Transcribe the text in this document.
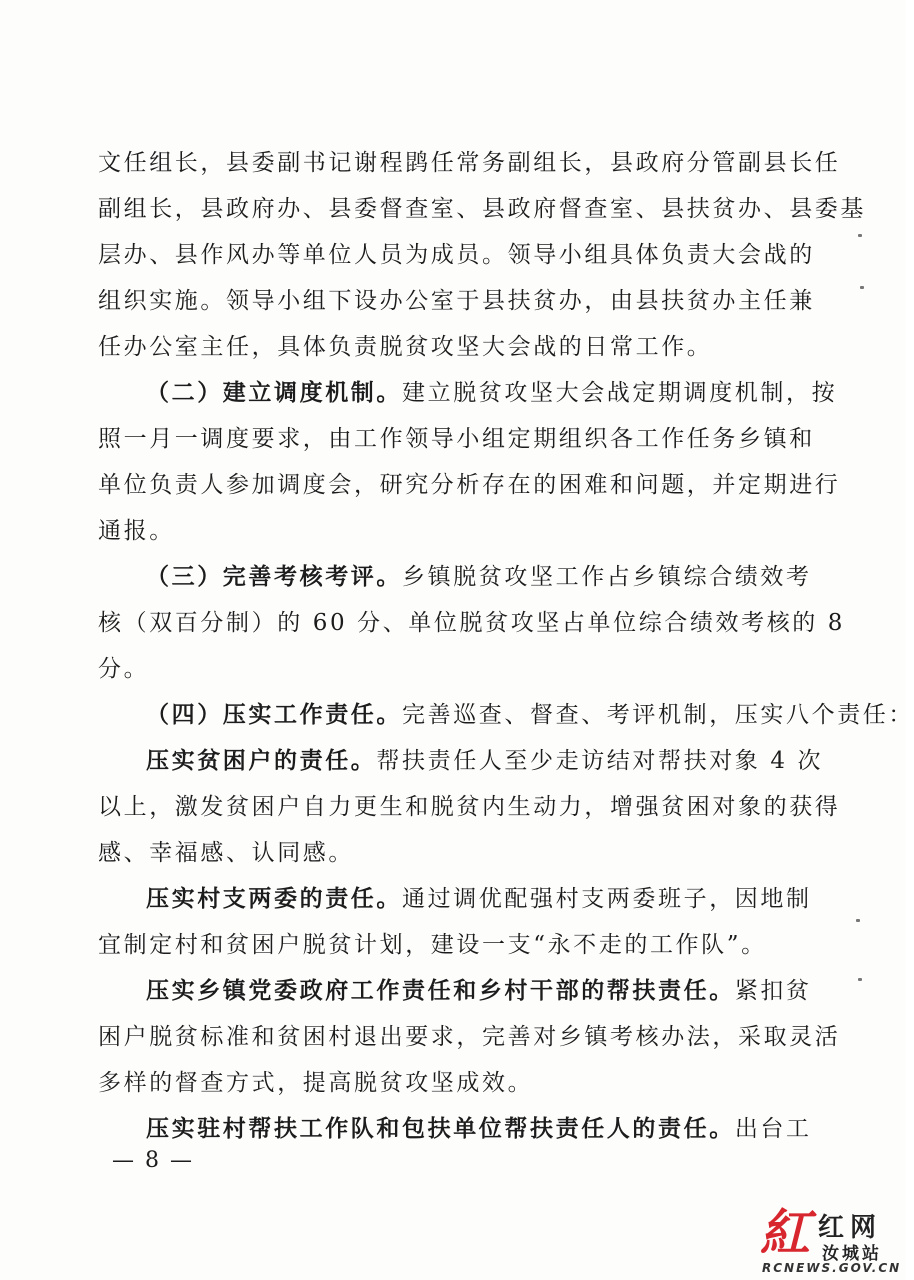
文任组长，县委副书记谢程鹍任常务副组长，县政府分管副县长任
副组长，县政府办、县委督查室、县政府督查室、县扶贫办、县委基
层办、县作风办等单位人员为成员。领导小组具体负责大会战的
组织实施。领导小组下设办公室于县扶贫办，由县扶贫办主任兼
任办公室主任，具体负责脱贫攻坚大会战的日常工作。
（二）建立调度机制。建立脱贫攻坚大会战定期调度机制，按
照一月一调度要求，由工作领导小组定期组织各工作任务乡镇和
单位负责人参加调度会，研究分析存在的困难和问题，并定期进行
通报。
（三）完善考核考评。乡镇脱贫攻坚工作占乡镇综合绩效考
核（双百分制）的 60 分、单位脱贫攻坚占单位综合绩效考核的 8
分。
（四）压实工作责任。完善巡查、督查、考评机制，压实八个责任：
压实贫困户的责任。帮扶责任人至少走访结对帮扶对象 4 次
以上，激发贫困户自力更生和脱贫内生动力，增强贫困对象的获得
感、幸福感、认同感。
压实村支两委的责任。通过调优配强村支两委班子，因地制
宜制定村和贫困户脱贫计划，建设一支“永不走的工作队”。
压实乡镇党委政府工作责任和乡村干部的帮扶责任。紧扣贫
困户脱贫标准和贫困村退出要求，完善对乡镇考核办法，采取灵活
多样的督查方式，提高脱贫攻坚成效。
压实驻村帮扶工作队和包扶单位帮扶责任人的责任。出台工
— 8 —
紅 红网
汝城站
RCNEWS.GOV.CN
